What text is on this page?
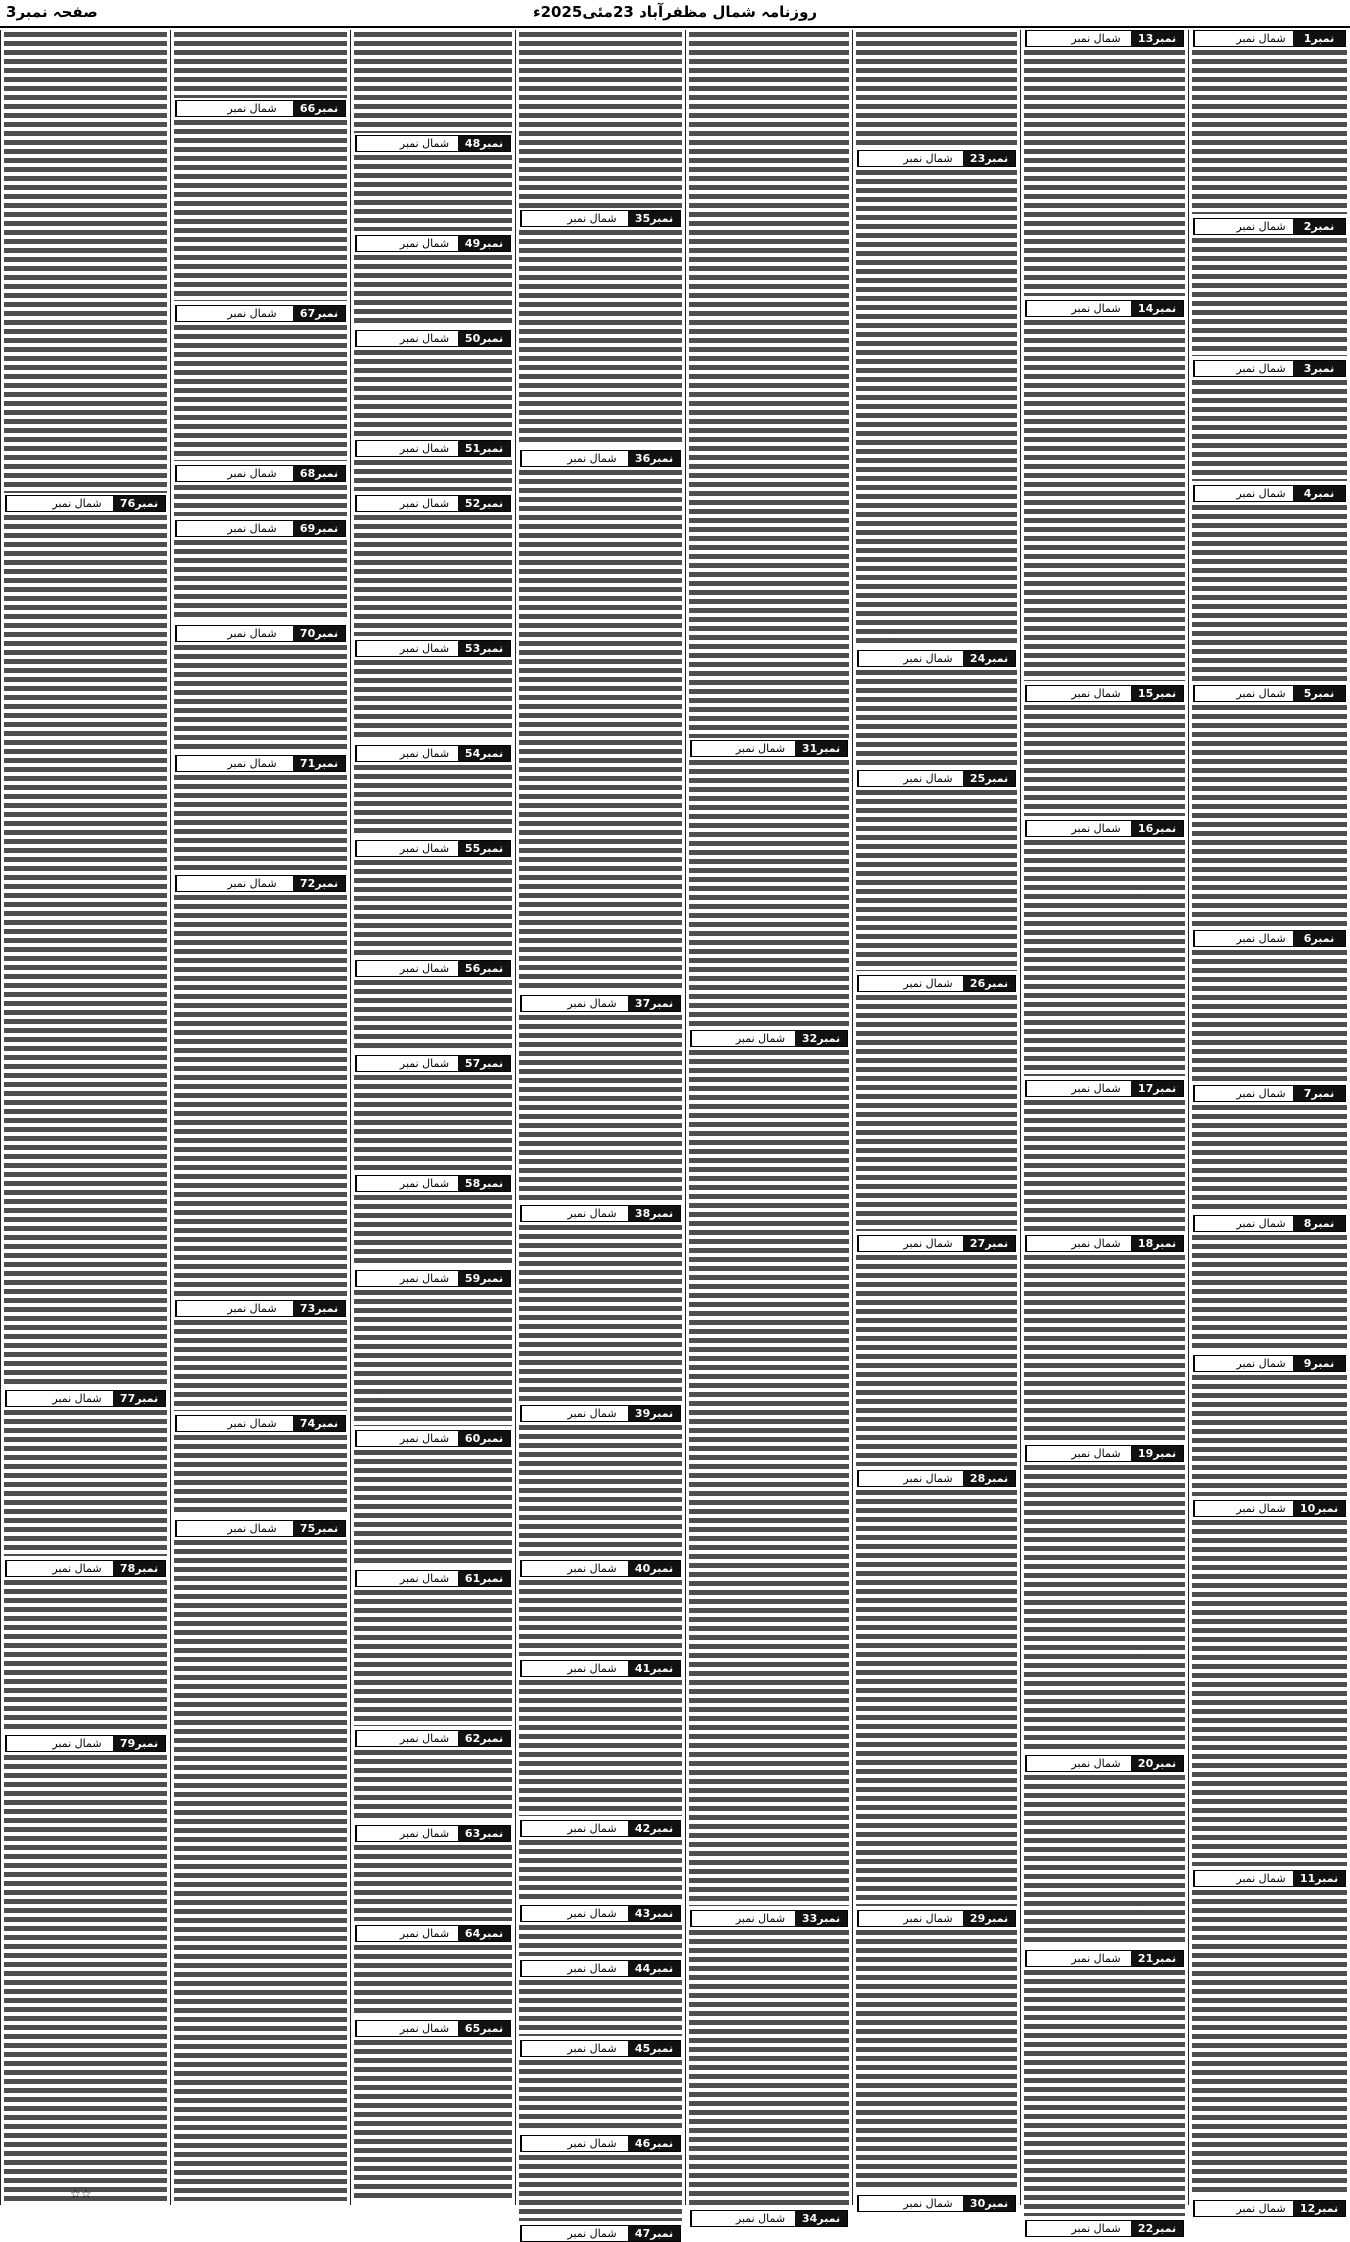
صفحہ نمبر3	روزنامہ شمال مظفرآباد 23مئی2025ء
شمال نمبر	نمبر1
شمال نمبر	نمبر2
شمال نمبر	نمبر3
شمال نمبر	نمبر4
شمال نمبر	نمبر5
شمال نمبر	نمبر6
شمال نمبر	نمبر7
شمال نمبر	نمبر8
شمال نمبر	نمبر9
شمال نمبر	نمبر10
شمال نمبر	نمبر11
شمال نمبر	نمبر12
شمال نمبر	نمبر13
شمال نمبر	نمبر14
شمال نمبر	نمبر15
شمال نمبر	نمبر16
شمال نمبر	نمبر17
شمال نمبر	نمبر18
شمال نمبر	نمبر19
شمال نمبر	نمبر20
شمال نمبر	نمبر21
شمال نمبر	نمبر22
شمال نمبر	نمبر23
شمال نمبر	نمبر24
شمال نمبر	نمبر25
شمال نمبر	نمبر26
شمال نمبر	نمبر27
شمال نمبر	نمبر28
شمال نمبر	نمبر29
شمال نمبر	نمبر30
شمال نمبر	نمبر31
شمال نمبر	نمبر32
شمال نمبر	نمبر33
شمال نمبر	نمبر34
شمال نمبر	نمبر35
شمال نمبر	نمبر36
شمال نمبر	نمبر37
شمال نمبر	نمبر38
شمال نمبر	نمبر39
شمال نمبر	نمبر40
شمال نمبر	نمبر41
شمال نمبر	نمبر42
شمال نمبر	نمبر43
شمال نمبر	نمبر44
شمال نمبر	نمبر45
شمال نمبر	نمبر46
شمال نمبر	نمبر47
شمال نمبر	نمبر48
شمال نمبر	نمبر49
شمال نمبر	نمبر50
شمال نمبر	نمبر51
شمال نمبر	نمبر52
شمال نمبر	نمبر53
شمال نمبر	نمبر54
شمال نمبر	نمبر55
شمال نمبر	نمبر56
شمال نمبر	نمبر57
شمال نمبر	نمبر58
شمال نمبر	نمبر59
شمال نمبر	نمبر60
شمال نمبر	نمبر61
شمال نمبر	نمبر62
شمال نمبر	نمبر63
شمال نمبر	نمبر64
شمال نمبر	نمبر65
شمال نمبر	نمبر66
شمال نمبر	نمبر67
شمال نمبر	نمبر68
شمال نمبر	نمبر69
شمال نمبر	نمبر70
شمال نمبر	نمبر71
شمال نمبر	نمبر72
شمال نمبر	نمبر73
شمال نمبر	نمبر74
شمال نمبر	نمبر75
شمال نمبر	نمبر76
شمال نمبر	نمبر77
شمال نمبر	نمبر78
شمال نمبر	نمبر79
☆☆
